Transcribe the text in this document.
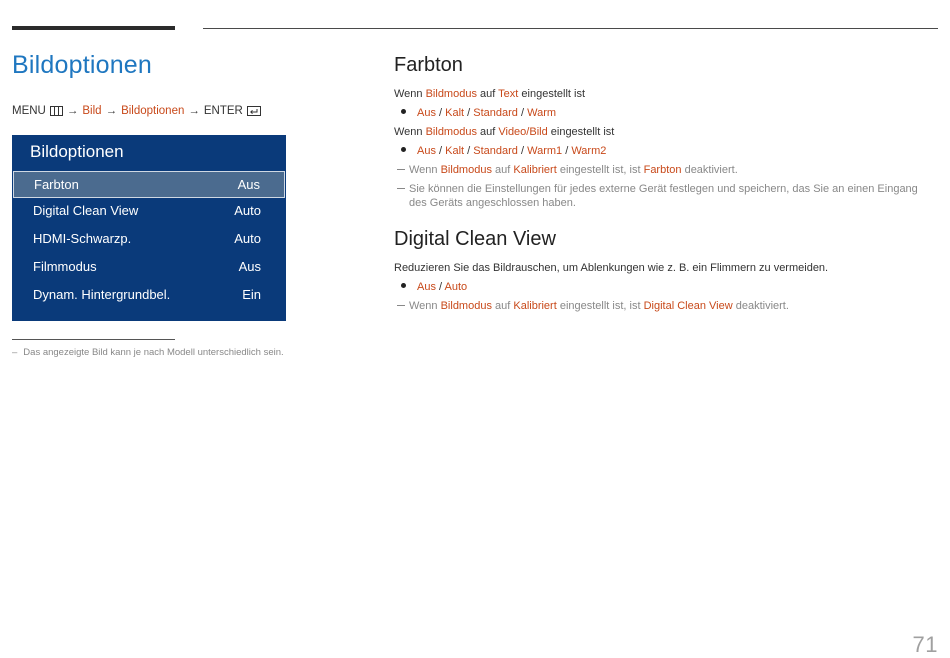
Bildoptionen
MENU → Bild → Bildoptionen → ENTER
Bildoptionen
Farbton	Aus
Digital Clean View	Auto
HDMI-Schwarzp.	Auto
Filmmodus	Aus
Dynam. Hintergrundbel.	Ein
– Das angezeigte Bild kann je nach Modell unterschiedlich sein.
Farbton
Wenn Bildmodus auf Text eingestellt ist
Aus / Kalt / Standard / Warm
Wenn Bildmodus auf Video/Bild eingestellt ist
Aus / Kalt / Standard / Warm1 / Warm2
Wenn Bildmodus auf Kalibriert eingestellt ist, ist Farbton deaktiviert.
Sie können die Einstellungen für jedes externe Gerät festlegen und speichern, das Sie an einen Eingang des Geräts angeschlossen haben.
Digital Clean View
Reduzieren Sie das Bildrauschen, um Ablenkungen wie z. B. ein Flimmern zu vermeiden.
Aus / Auto
Wenn Bildmodus auf Kalibriert eingestellt ist, ist Digital Clean View deaktiviert.
71
